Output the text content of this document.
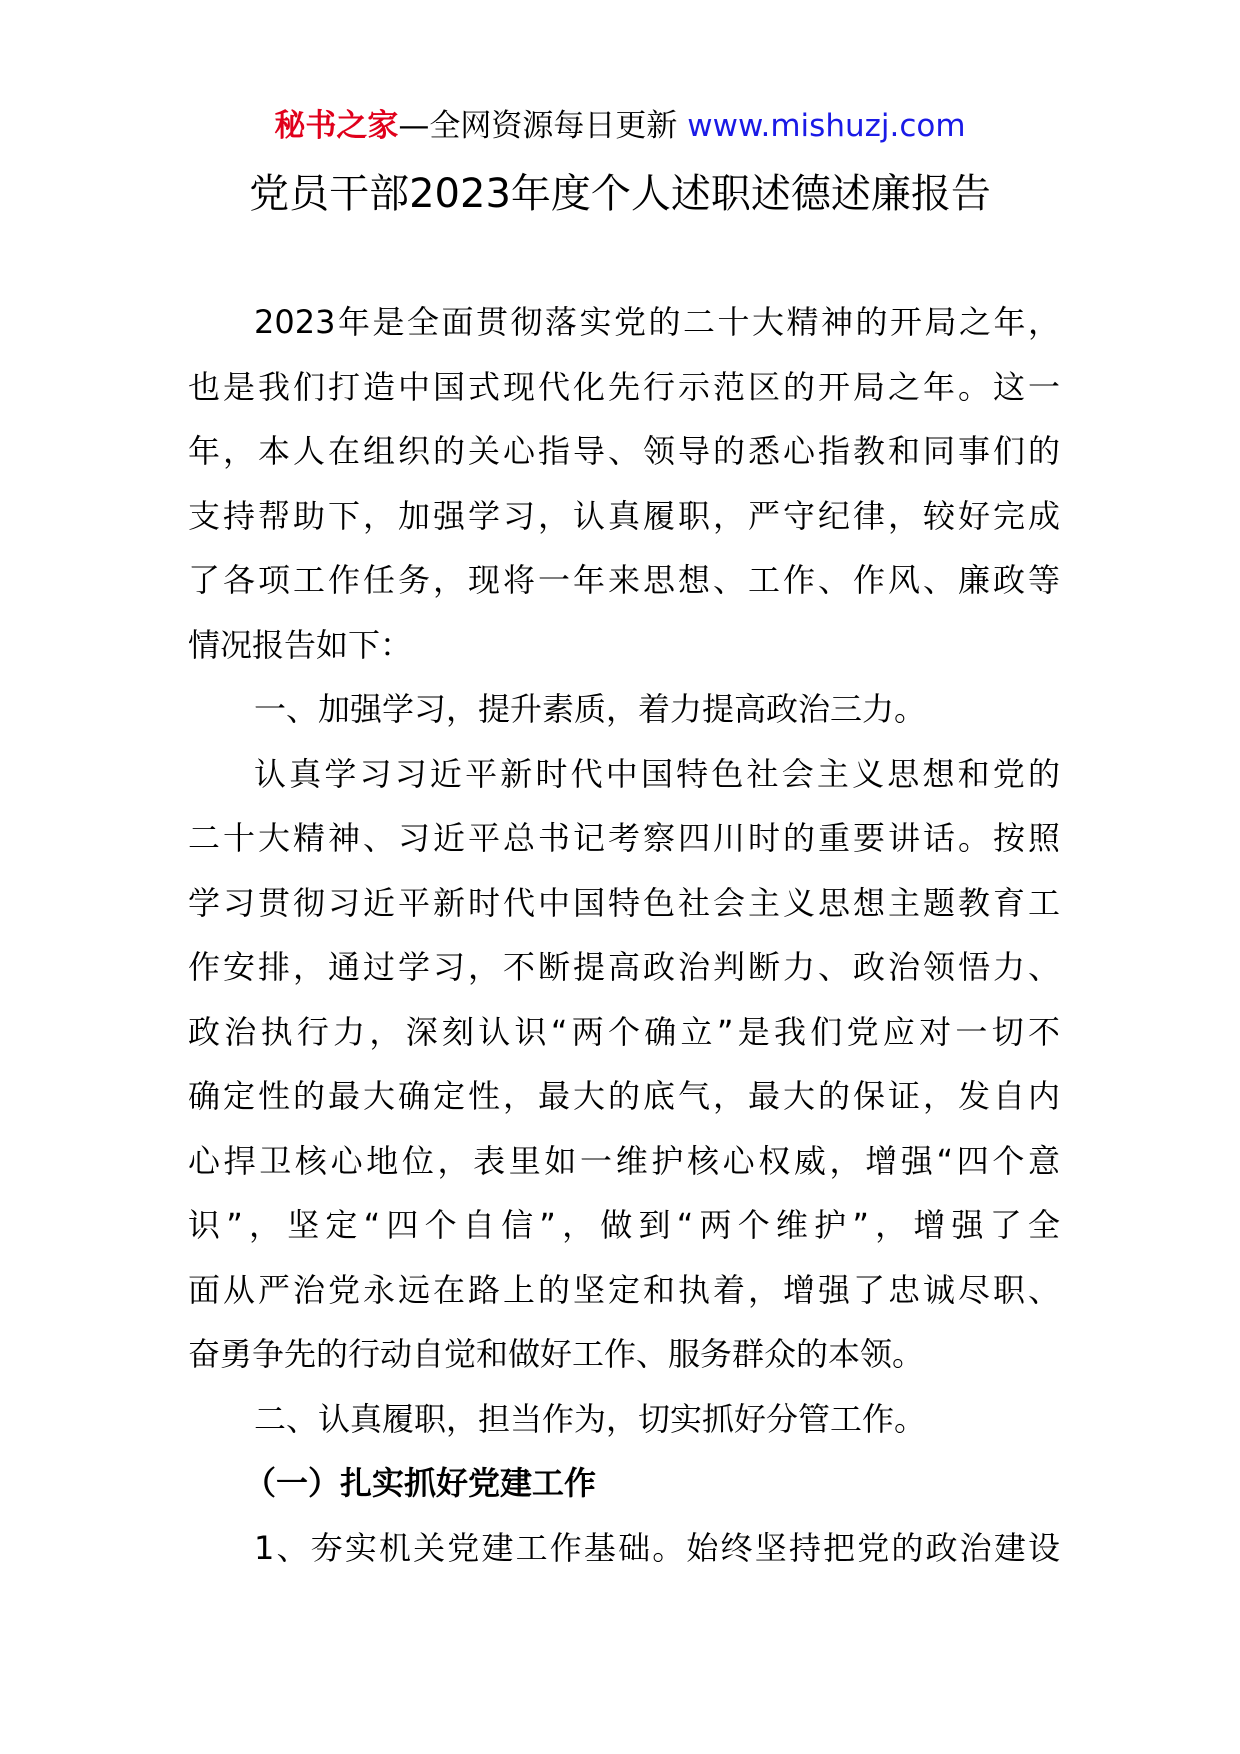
秘书之家—全网资源每日更新 www.mishuzj.com
党员干部2023年度个人述职述德述廉报告

2023年是全面贯彻落实党的二十大精神的开局之年，

也是我们打造中国式现代化先行示范区的开局之年。这一

年，本人在组织的关心指导、领导的悉心指教和同事们的

支持帮助下，加强学习，认真履职，严守纪律，较好完成

了各项工作任务，现将一年来思想、工作、作风、廉政等

情况报告如下：

一、加强学习，提升素质，着力提高政治三力。

认真学习习近平新时代中国特色社会主义思想和党的

二十大精神、习近平总书记考察四川时的重要讲话。按照

学习贯彻习近平新时代中国特色社会主义思想主题教育工

作安排，通过学习，不断提高政治判断力、政治领悟力、

政治执行力，深刻认识“两个确立”是我们党应对一切不

确定性的最大确定性，最大的底气，最大的保证，发自内

心捍卫核心地位，表里如一维护核心权威，增强“四个意

识”，坚定“四个自信”，做到“两个维护”，增强了全

面从严治党永远在路上的坚定和执着，增强了忠诚尽职、

奋勇争先的行动自觉和做好工作、服务群众的本领。

二、认真履职，担当作为，切实抓好分管工作。

（一）扎实抓好党建工作

1、夯实机关党建工作基础。始终坚持把党的政治建设
